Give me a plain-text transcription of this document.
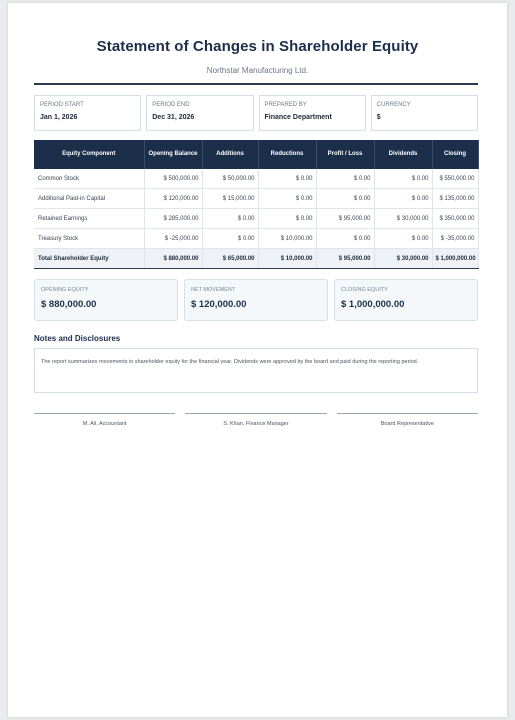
Statement of Changes in Shareholder Equity
Northstar Manufacturing Ltd.
PERIOD START
Jan 1, 2026
PERIOD END
Dec 31, 2026
PREPARED BY
Finance Department
CURRENCY
$
Equity Component	Opening Balance	Additions	Reductions	Profit / Loss	Dividends	Closing
Common Stock	$ 500,000.00	$ 50,000.00	$ 0.00	$ 0.00	$ 0.00	$ 550,000.00
Additional Paid-in Capital	$ 120,000.00	$ 15,000.00	$ 0.00	$ 0.00	$ 0.00	$ 135,000.00
Retained Earnings	$ 285,000.00	$ 0.00	$ 0.00	$ 95,000.00	$ 30,000.00	$ 350,000.00
Treasury Stock	$ -25,000.00	$ 0.00	$ 10,000.00	$ 0.00	$ 0.00	$ -35,000.00
Total Shareholder Equity	$ 880,000.00	$ 65,000.00	$ 10,000.00	$ 95,000.00	$ 30,000.00	$ 1,000,000.00
OPENING EQUITY
$ 880,000.00
NET MOVEMENT
$ 120,000.00
CLOSING EQUITY
$ 1,000,000.00
Notes and Disclosures
The report summarizes movements in shareholder equity for the financial year. Dividends were approved by the board and paid during the reporting period.
M. Ali, Accountant	S. Khan, Finance Manager	Board Representative
